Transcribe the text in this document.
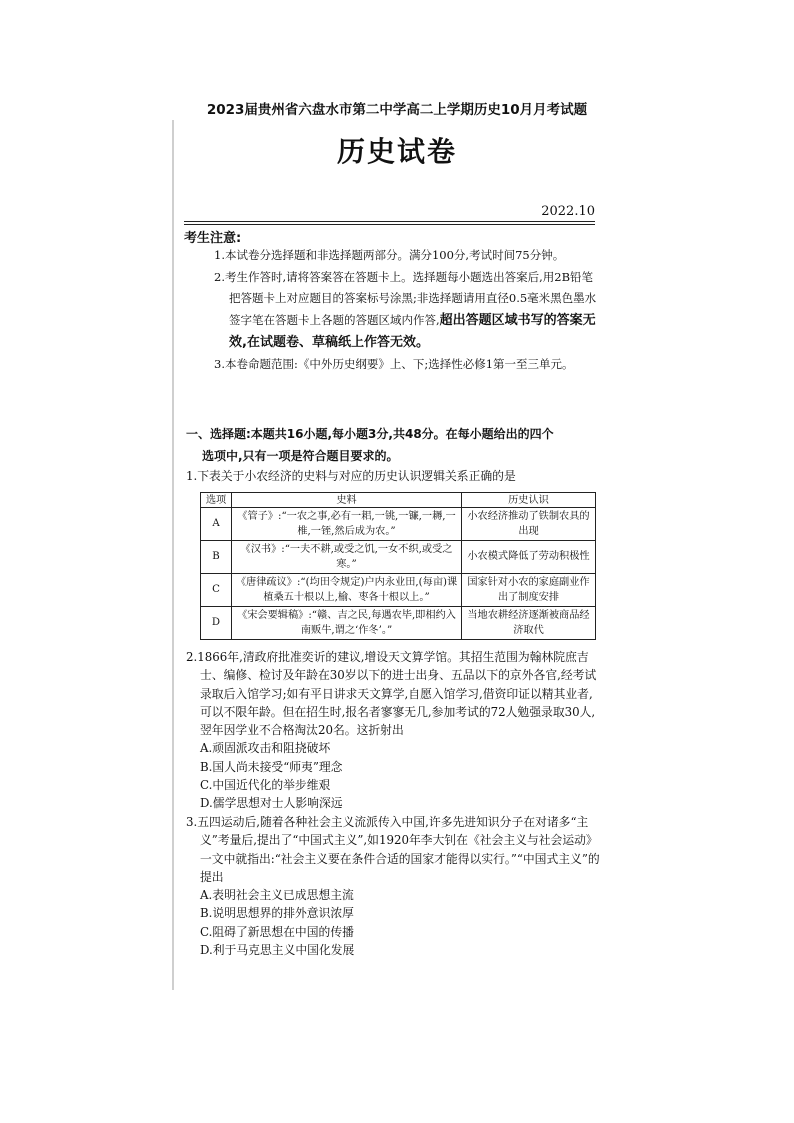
2023届贵州省六盘水市第二中学高二上学期历史10月月考试题
历史试卷
2022.10
考生注意:
1.本试卷分选择题和非选择题两部分。满分100分,考试时间75分钟。
2.考生作答时,请将答案答在答题卡上。选择题每小题选出答案后,用2B铅笔把答题卡上对应题目的答案标号涂黑;非选择题请用直径0.5毫米黑色墨水签字笔在答题卡上各题的答题区域内作答,超出答题区域书写的答案无效,在试题卷、草稿纸上作答无效。
3.本卷命题范围:《中外历史纲要》上、下;选择性必修1第一至三单元。
一、选择题:本题共16小题,每小题3分,共48分。在每小题给出的四个
选项中,只有一项是符合题目要求的。
1.下表关于小农经济的史料与对应的历史认识逻辑关系正确的是
选项	史料	历史认识
A	《管子》:“一农之事,必有一耜,一铫,一镰,一耨,一椎,一铚,然后成为农。”	小农经济推动了铁制农具的出现
B	《汉书》:“一夫不耕,或受之饥,一女不织,或受之寒。”	小农模式降低了劳动积极性
C	《唐律疏议》:“(均田令规定)户内永业田,(每亩)课植桑五十根以上,榆、枣各十根以上。”	国家针对小农的家庭副业作出了制度安排
D	《宋会要辑稿》:“赣、吉之民,每遇农毕,即相约入南贩牛,谓之‘作冬’。”	当地农耕经济逐渐被商品经济取代
2.1866年,清政府批准奕䜣的建议,增设天文算学馆。其招生范围为翰林院庶吉士、编修、检讨及年龄在30岁以下的进士出身、五品以下的京外各官,经考试录取后入馆学习;如有平日讲求天文算学,自愿入馆学习,借资印证以精其业者,可以不限年龄。但在招生时,报名者寥寥无几,参加考试的72人勉强录取30人,翌年因学业不合格淘汰20名。这折射出
A.顽固派攻击和阻挠破坏
B.国人尚未接受“师夷”理念
C.中国近代化的举步维艰
D.儒学思想对士人影响深远
3.五四运动后,随着各种社会主义流派传入中国,许多先进知识分子在对诸多“主义”考量后,提出了“中国式主义”,如1920年李大钊在《社会主义与社会运动》一文中就指出:“社会主义要在条件合适的国家才能得以实行。”“中国式主义”的提出
A.表明社会主义已成思想主流
B.说明思想界的排外意识浓厚
C.阻碍了新思想在中国的传播
D.利于马克思主义中国化发展
